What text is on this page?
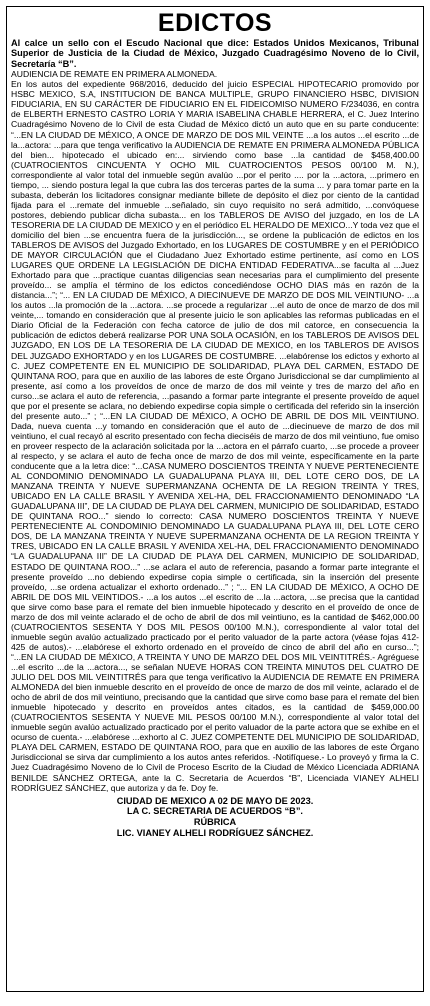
EDICTOS
Al calce un sello con el Escudo Nacional que dice: Estados Unidos Mexicanos, Tribunal Superior de Justicia de la Ciudad de México, Juzgado Cuadragésimo Noveno de lo Civil, Secretaría “B”.
AUDIENCIA DE REMATE EN PRIMERA ALMONEDA.

En los autos del expediente 968/2016, deducido del juicio ESPECIAL HIPOTECARIO promovido por HSBC MEXICO, S.A, INSTITUCION DE BANCA MULTIPLE, GRUPO FINANCIERO HSBC, DIVISION FIDUCIARIA, EN SU CARÁCTER DE FIDUCIARIO EN EL FIDEICOMISO NUMERO F/234036, en contra de ELBERTH ERNESTO CASTRO LORIA Y MARIA ISABELINA CHABLE HERRERA, el C. Juez Interino Cuadragésimo Noveno de lo Civil de esta Ciudad de México dictó un auto que en su parte conducente: “...EN LA CIUDAD DE MÉXICO, A ONCE DE MARZO DE DOS MIL VEINTE ...a los autos ...el escrito ...de la...actora: ...para que tenga verificativo la AUDIENCIA DE REMATE EN PRIMERA ALMONEDA PÚBLICA del bien... hipotecado el ubicado en:... sirviendo como base ...la cantidad de $458,400.00 (CUATROCIENTOS CINCUENTA Y OCHO MIL CUATROCIENTOS PESOS 00/100 M. N.), correspondiente al valor total del inmueble según avalúo ...por el perito .... por la ...actora, ...primero en tiempo, ... siendo postura legal la que cubra las dos terceras partes de la suma ... y para tomar parte en la subasta, deberán los licitadores consignar mediante billete de depósito el diez por ciento de la cantidad fijada para el ...remate del inmueble ...señalado, sin cuyo requisito no será admitido, ...convóquese postores, debiendo publicar dicha subasta... en los TABLEROS DE AVISO del juzgado, en los de LA TESORERIA DE LA CIUDAD DE MEXICO y en el periódico EL HERALDO DE MEXICO...Y toda vez que el domicilio del bien ...se encuentra fuera de la jurisdicción..., se ordene la publicación de edictos en los TABLEROS DE AVISOS del Juzgado Exhortado, en los LUGARES DE COSTUMBRE y en el PERIÓDICO DE MAYOR CIRCULACIÓN que el Ciudadano Juez Exhortado estime pertinente, así como en LOS LUGARES QUE ORDENE LA LEGISLACIÓN DE DICHA ENTIDAD FEDERATIVA...se faculta al ...Juez Exhortado para que ...practique cuantas diligencias sean necesarias para el cumplimiento del presente proveído... se amplía el término de los edictos concediéndose OCHO DIAS más en razón de la distancia...”; “... EN LA CIUDAD DE MÉXICO, A DIECINUEVE DE MARZO DE DOS MIL VEINTIUNO- ...a los autos ...la promoción de la ...actora. ...se procede a regularizar ...el auto de once de marzo de dos mil veinte,... tomando en consideración que al presente juicio le son aplicables las reformas publicadas en el Diario Oficial de la Federación con fecha catorce de julio de dos mil catorce, en consecuencia la publicación de edictos deberá realizarse POR UNA SOLA OCASIÓN, en los TABLEROS DE AVISOS DEL JUZGADO, EN LOS DE LA TESORERIA DE LA CIUDAD DE MEXICO, en los TABLEROS DE AVISOS DEL JUZGADO EXHORTADO y en los LUGARES DE COSTUMBRE. ...elabórense los edictos y exhorto al C. JUEZ COMPETENTE EN EL MUNICIPIO DE SOLIDARIDAD, PLAYA DEL CARMEN, ESTADO DE QUINTANA ROO, para que en auxilio de las labores de este Órgano Jurisdiccional se dar cumplimiento al presente, así como a los proveídos de once de marzo de dos mil veinte y tres de marzo del año en curso...se aclara el auto de referencia, ...pasando a formar parte integrante el presente proveído de aquel que por el presente se aclara, no debiendo expedirse copia simple o certificada del referido sin la inserción del presente auto...” ; “...EN LA CIUDAD DE MÉXICO, A OCHO DE ABRIL DE DOS MIL VEINTIUNO. Dada, nueva cuenta ...y tomando en consideración que el auto de ...diecinueve de marzo de dos mil veintiuno, el cual recayó al escrito presentado con fecha dieciséis de marzo de dos mil veintiuno, fue omiso en proveer respecto de la aclaración solicitada por la ...actora en el párrafo cuarto, ...se procede a proveer al respecto, y se aclara el auto de fecha once de marzo de dos mil veinte, específicamente en la parte conducente que a la letra dice: “...CASA NUMERO DOSCIENTOS TREINTA Y NUEVE PERTENECIENTE AL CONDOMINIO DENOMINADO LA GUADALUPANA PLAYA III, DEL LOTE CERO DOS, DE LA MANZANA TREINTA Y NUEVE SUPERMANZANA OCHENTA DE LA REGION TREINTA Y TRES, UBICADO EN LA CALLE BRASIL Y AVENIDA XEL-HA, DEL FRACCIONAMIENTO DENOMINADO “LA GUADALUPANA III”, DE LA CIUDAD DE PLAYA DEL CARMEN, MUNICIPIO DE SOLIDARIDAD, ESTADO DE QUINTANA ROO...” siendo lo correcto: CASA NUMERO DOSCIENTOS TREINTA Y NUEVE PERTENECIENTE AL CONDOMINIO DENOMINADO LA GUADALUPANA PLAYA III, DEL LOTE CERO DOS, DE LA MANZANA TREINTA Y NUEVE SUPERMANZANA OCHENTA DE LA REGION TREINTA Y TRES, UBICADO EN LA CALLE BRASIL Y AVENIDA XEL-HA, DEL FRACCIONAMIENTO DENOMINADO “LA GUADALUPANA III” DE LA CIUDAD DE PLAYA DEL CARMEN, MUNICIPIO DE SOLIDARIDAD, ESTADO DE QUINTANA ROO...” ...se aclara el auto de referencia, pasando a formar parte integrante el presente proveído ...no debiendo expedirse copia simple o certificada, sin la inserción del presente proveído, ...se ordena actualizar el exhorto ordenado...” ; “... EN LA CIUDAD DE MÉXICO, A OCHO DE ABRIL DE DOS MIL VEINTIDOS.- ...a los autos ...el escrito de ...la ...actora, ...se precisa que la cantidad que sirve como base para el remate del bien inmueble hipotecado y descrito en el proveído de once de marzo de dos mil veinte aclarado el de ocho de abril de dos mil veintiuno, es la cantidad de $462,000.00 (CUATROCIENTOS SESENTA Y DOS MIL PESOS 00/100 M.N.), correspondiente al valor total del inmueble según avalúo actualizado practicado por el perito valuador de la parte actora (véase fojas 412-425 de autos).- ...elabórese el exhorto ordenado en el proveído de cinco de abril del año en curso...”; “...EN LA CIUDAD DE MÉXICO, A TREINTA Y UNO DE MARZO DEL DOS MIL VEINTITRÉS.- Agréguese ...el escrito ...de la ...actora..., se señalan NUEVE HORAS CON TREINTA MINUTOS DEL CUATRO DE JULIO DEL DOS MIL VEINTITRÉS para que tenga verificativo la AUDIENCIA DE REMATE EN PRIMERA ALMONEDA del bien inmueble descrito en el proveído de once de marzo de dos mil veinte, aclarado el de ocho de abril de dos mil veintiuno, precisando que la cantidad que sirve como base para el remate del bien inmueble hipotecado y descrito en proveídos antes citados, es la cantidad de $459,000.00 (CUATROCIENTOS SESENTA Y NUEVE MIL PESOS 00/100 M.N.), correspondiente al valor total del inmueble según avalúo actualizado practicado por el perito valuador de la parte actora que se exhibe en el ocurso de cuenta.- ...elabórese ...exhorto al C. JUEZ COMPETENTE DEL MUNICIPIO DE SOLIDARIDAD, PLAYA DEL CARMEN, ESTADO DE QUINTANA ROO, para que en auxilio de las labores de este Órgano Jurisdiccional se sirva dar cumplimiento a los autos antes referidos. -Notifíquese.- Lo proveyó y firma la C. Juez Cuadragésimo Noveno de lo Civil de Proceso Escrito de la Ciudad de México Licenciada ADRIANA BENILDE SÁNCHEZ ORTEGA, ante la C. Secretaria de Acuerdos “B”, Licenciada VIANEY ALHELI RODRÍGUEZ SÁNCHEZ, que autoriza y da fe. Doy fe.

CIUDAD DE MEXICO A 02 DE MAYO DE 2023.
LA C. SECRETARIA DE ACUERDOS “B”.
RÚBRICA
LIC. VIANEY ALHELI RODRÍGUEZ SÁNCHEZ.
